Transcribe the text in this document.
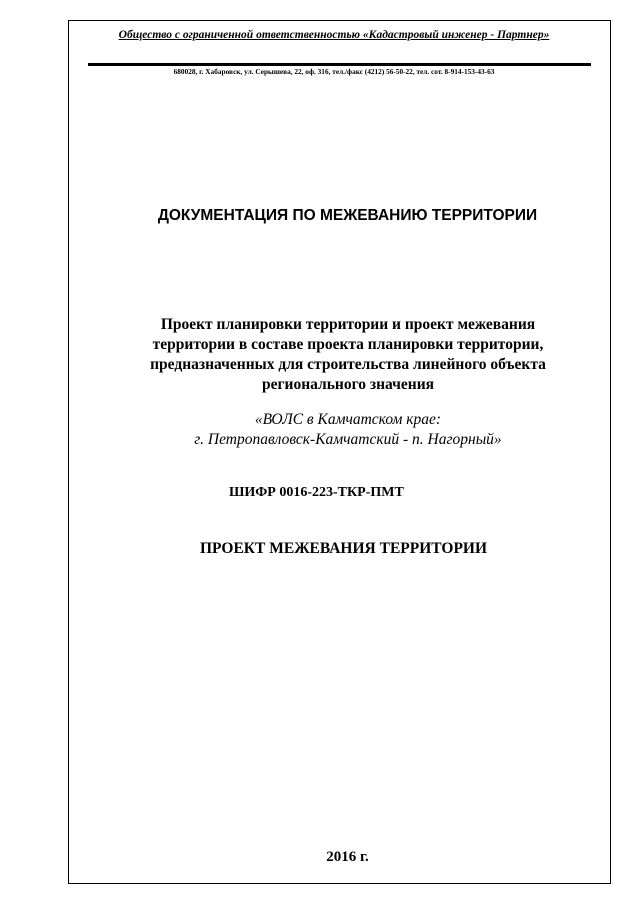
Общество с ограниченной ответственностью «Кадастровый инженер - Партнер»
680028, г. Хабаровск, ул. Серышева, 22, оф. 316, тел./факс (4212) 56-50-22, тел. сот. 8-914-153-43-63
ДОКУМЕНТАЦИЯ ПО МЕЖЕВАНИЮ ТЕРРИТОРИИ
Проект планировки территории и проект межевания
территории в составе проекта планировки территории,
предназначенных для строительства линейного объекта
регионального значения
«ВОЛС в Камчатском крае:
г. Петропавловск-Камчатский - п. Нагорный»
ШИФР 0016-223-ТКР-ПМТ
ПРОЕКТ МЕЖЕВАНИЯ ТЕРРИТОРИИ
2016 г.
